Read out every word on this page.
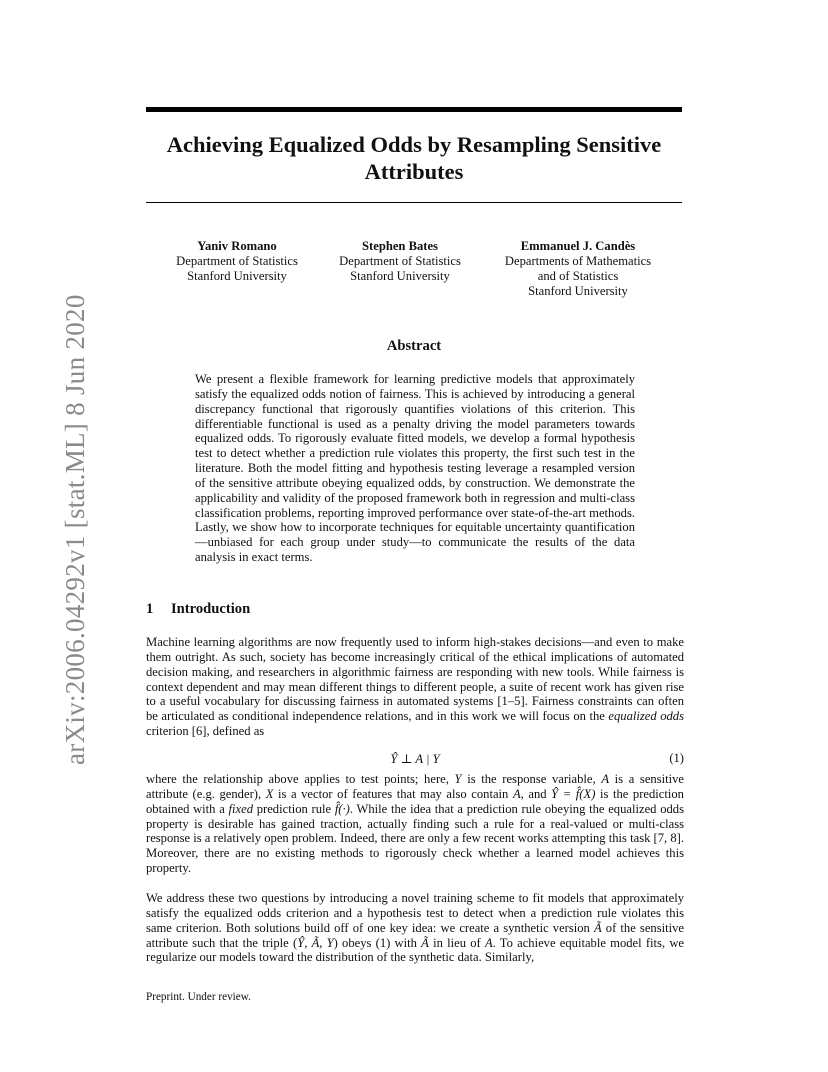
arXiv:2006.04292v1 [stat.ML] 8 Jun 2020
Achieving Equalized Odds by Resampling Sensitive Attributes
Yaniv Romano
Department of Statistics
Stanford University
Stephen Bates
Department of Statistics
Stanford University
Emmanuel J. Candès
Departments of Mathematics
and of Statistics
Stanford University
Abstract
We present a flexible framework for learning predictive models that approximately satisfy the equalized odds notion of fairness. This is achieved by introducing a general discrepancy functional that rigorously quantifies violations of this criterion. This differentiable functional is used as a penalty driving the model parameters towards equalized odds. To rigorously evaluate fitted models, we develop a formal hypothesis test to detect whether a prediction rule violates this property, the first such test in the literature. Both the model fitting and hypothesis testing leverage a resampled version of the sensitive attribute obeying equalized odds, by construction. We demonstrate the applicability and validity of the proposed framework both in regression and multi-class classification problems, reporting improved performance over state-of-the-art methods. Lastly, we show how to incorporate techniques for equitable uncertainty quantification—unbiased for each group under study—to communicate the results of the data analysis in exact terms.
1 Introduction
Machine learning algorithms are now frequently used to inform high-stakes decisions—and even to make them outright. As such, society has become increasingly critical of the ethical implications of automated decision making, and researchers in algorithmic fairness are responding with new tools. While fairness is context dependent and may mean different things to different people, a suite of recent work has given rise to a useful vocabulary for discussing fairness in automated systems [1–5]. Fairness constraints can often be articulated as conditional independence relations, and in this work we will focus on the equalized odds criterion [6], defined as
Ŷ ⊥ A | Y	(1)
where the relationship above applies to test points; here, Y is the response variable, A is a sensitive attribute (e.g. gender), X is a vector of features that may also contain A, and Ŷ = f̂(X) is the prediction obtained with a fixed prediction rule f̂(·). While the idea that a prediction rule obeying the equalized odds property is desirable has gained traction, actually finding such a rule for a real-valued or multi-class response is a relatively open problem. Indeed, there are only a few recent works attempting this task [7, 8]. Moreover, there are no existing methods to rigorously check whether a learned model achieves this property.
We address these two questions by introducing a novel training scheme to fit models that approximately satisfy the equalized odds criterion and a hypothesis test to detect when a prediction rule violates this same criterion. Both solutions build off of one key idea: we create a synthetic version Ã of the sensitive attribute such that the triple (Ŷ, Ã, Y) obeys (1) with Ã in lieu of A. To achieve equitable model fits, we regularize our models toward the distribution of the synthetic data. Similarly,
Preprint. Under review.
